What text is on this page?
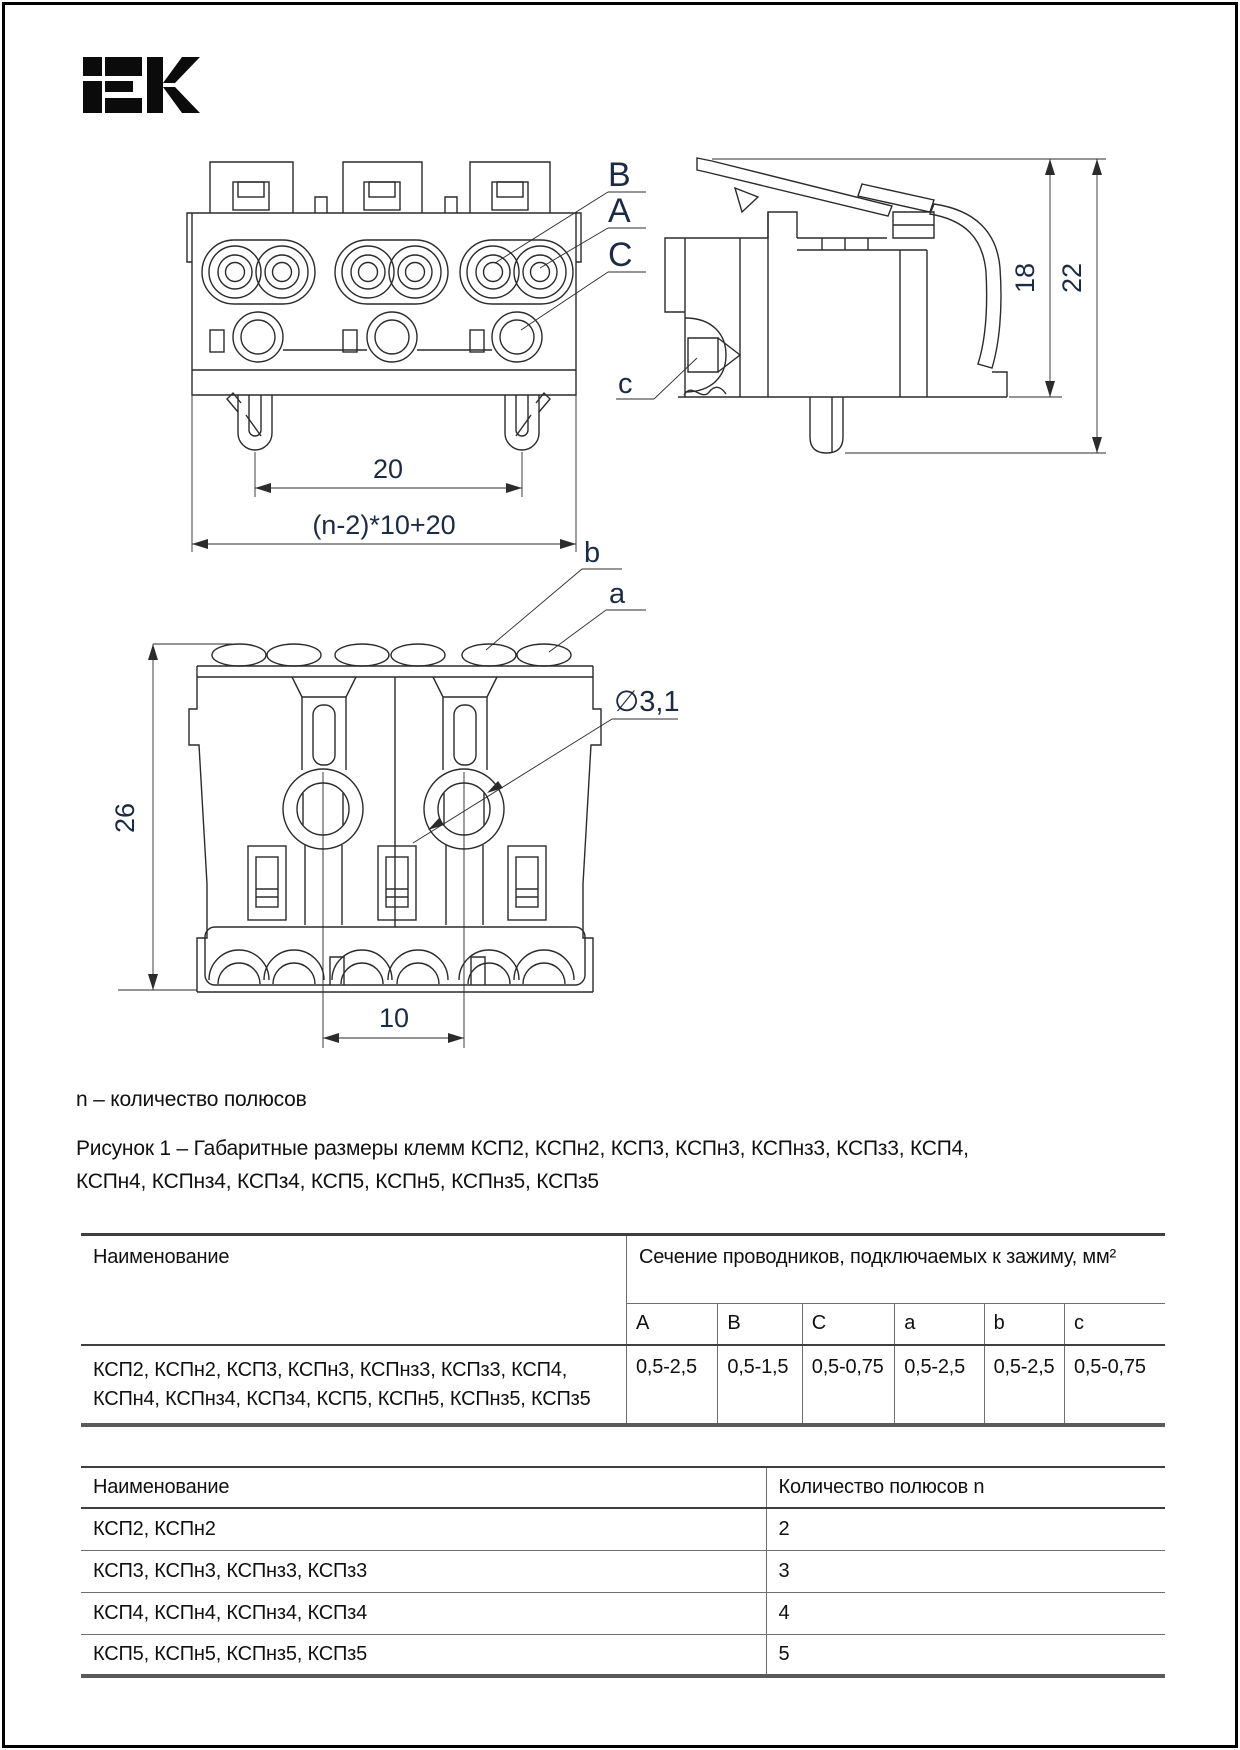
20
(n-2)*10+20
B
A
C
18 22
c
26
10
b
a
∅3,1
n – количество полюсов
Рисунок 1 – Габаритные размеры клемм КСП2, КСПн2, КСП3, КСПн3, КСПнз3, КСПз3, КСП4,
КСПн4, КСПнз4, КСПз4, КСП5, КСПн5, КСПнз5, КСПз5
Наименование	Сечение проводников, подключаемых к зажиму, мм²					
	A	B	C	a	b	c
КСП2, КСПн2, КСП3, КСПн3, КСПнз3, КСПз3, КСП4,
КСПн4, КСПнз4, КСПз4, КСП5, КСПн5, КСПнз5, КСПз5	0,5-2,5	0,5-1,5	0,5-0,75	0,5-2,5	0,5-2,5	0,5-0,75
Наименование	Количество полюсов n
КСП2, КСПн2	2
КСП3, КСПн3, КСПнз3, КСПз3	3
КСП4, КСПн4, КСПнз4, КСПз4	4
КСП5, КСПн5, КСПнз5, КСПз5	5
